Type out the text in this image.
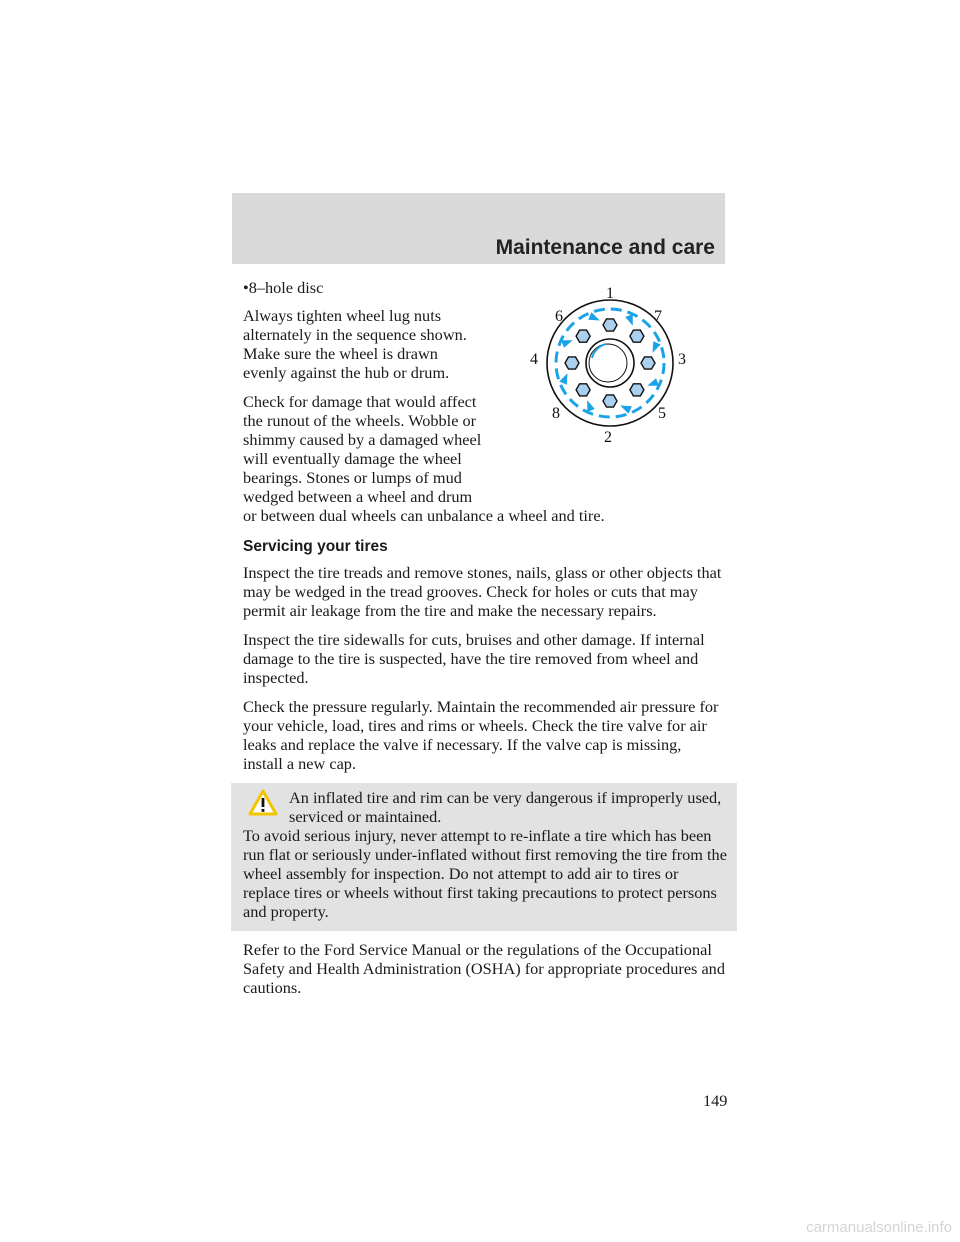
Maintenance and care
1
2
3
4
5
6	7
8

•8–hole disc

Always tighten wheel lug nuts alternately in the sequence shown. Make sure the wheel is drawn evenly against the hub or drum.

Check for damage that would affect
the runout of the wheels. Wobble or
shimmy caused by a damaged wheel
will eventually damage the wheel
bearings. Stones or lumps of mud
wedged between a wheel and drum
or between dual wheels can unbalance a wheel and tire.

Servicing your tires

Inspect the tire treads and remove stones, nails, glass or other objects that may be wedged in the tread grooves. Check for holes or cuts that may permit air leakage from the tire and make the necessary repairs.

Inspect the tire sidewalls for cuts, bruises and other damage. If internal damage to the tire is suspected, have the tire removed from wheel and inspected.

Check the pressure regularly. Maintain the recommended air pressure for your vehicle, load, tires and rims or wheels. Check the tire valve for air leaks and replace the valve if necessary. If the valve cap is missing, install a new cap.

An inflated tire and rim can be very dangerous if improperly used, serviced or maintained.
To avoid serious injury, never attempt to re-inflate a tire which has been run flat or seriously under-inflated without first removing the tire from the wheel assembly for inspection. Do not attempt to add air to tires or replace tires or wheels without first taking precautions to protect persons and property.

Refer to the Ford Service Manual or the regulations of the Occupational Safety and Health Administration (OSHA) for appropriate procedures and cautions.

149
carmanualsonline.info
